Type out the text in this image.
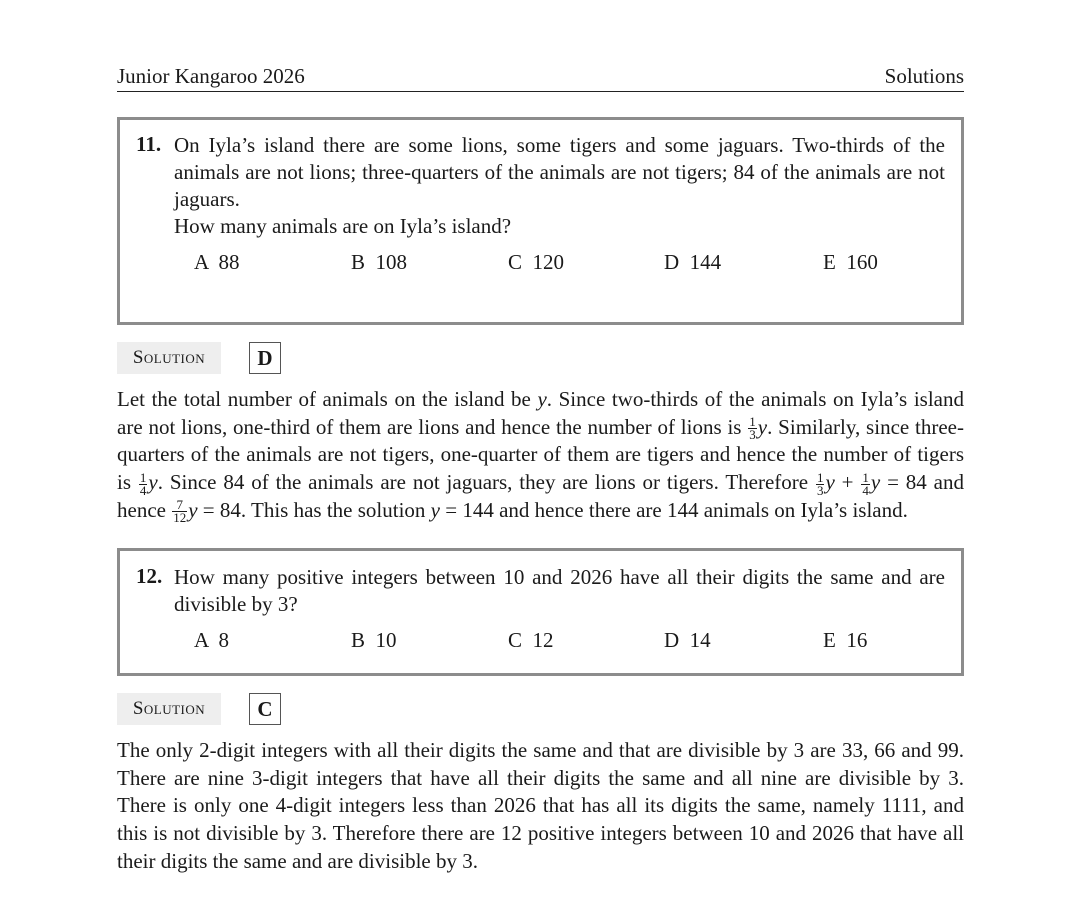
Junior Kangaroo 2026	Solutions
11. On Iyla’s island there are some lions, some tigers and some jaguars. Two-thirds of the animals are not lions; three-quarters of the animals are not tigers; 84 of the animals are not jaguars.
How many animals are on Iyla’s island?
A  88	B  108	C  120	D  144	E  160
Solution	D
Let the total number of animals on the island be y. Since two-thirds of the animals on Iyla’s island are not lions, one-third of them are lions and hence the number of lions is $\frac{1}{3} y$. Similarly, since three-quarters of the animals are not tigers, one-quarter of them are tigers and hence the number of tigers is $\frac{1}{4} y$. Since 84 of the animals are not jaguars, they are lions or tigers. Therefore $\frac{1}{3}$ $y + \frac{1}{4}$ y = 84 and hence $\frac{7}{12}$ y = 84. This has the solution y = 144 and hence there are 144 animals on Iyla’s island.
12. How many positive integers between 10 and 2026 have all their digits the same and are divisible by 3?
A  8	B  10	C  12	D  14	E  16
Solution	C
The only 2-digit integers with all their digits the same and that are divisible by 3 are 33, 66 and 99. There are nine 3-digit integers that have all their digits the same and all nine are divisible by 3. There is only one 4-digit integers less than 2026 that has all its digits the same, namely 1111, and this is not divisible by 3. Therefore there are 12 positive integers between 10 and 2026 that have all their digits the same and are divisible by 3.
